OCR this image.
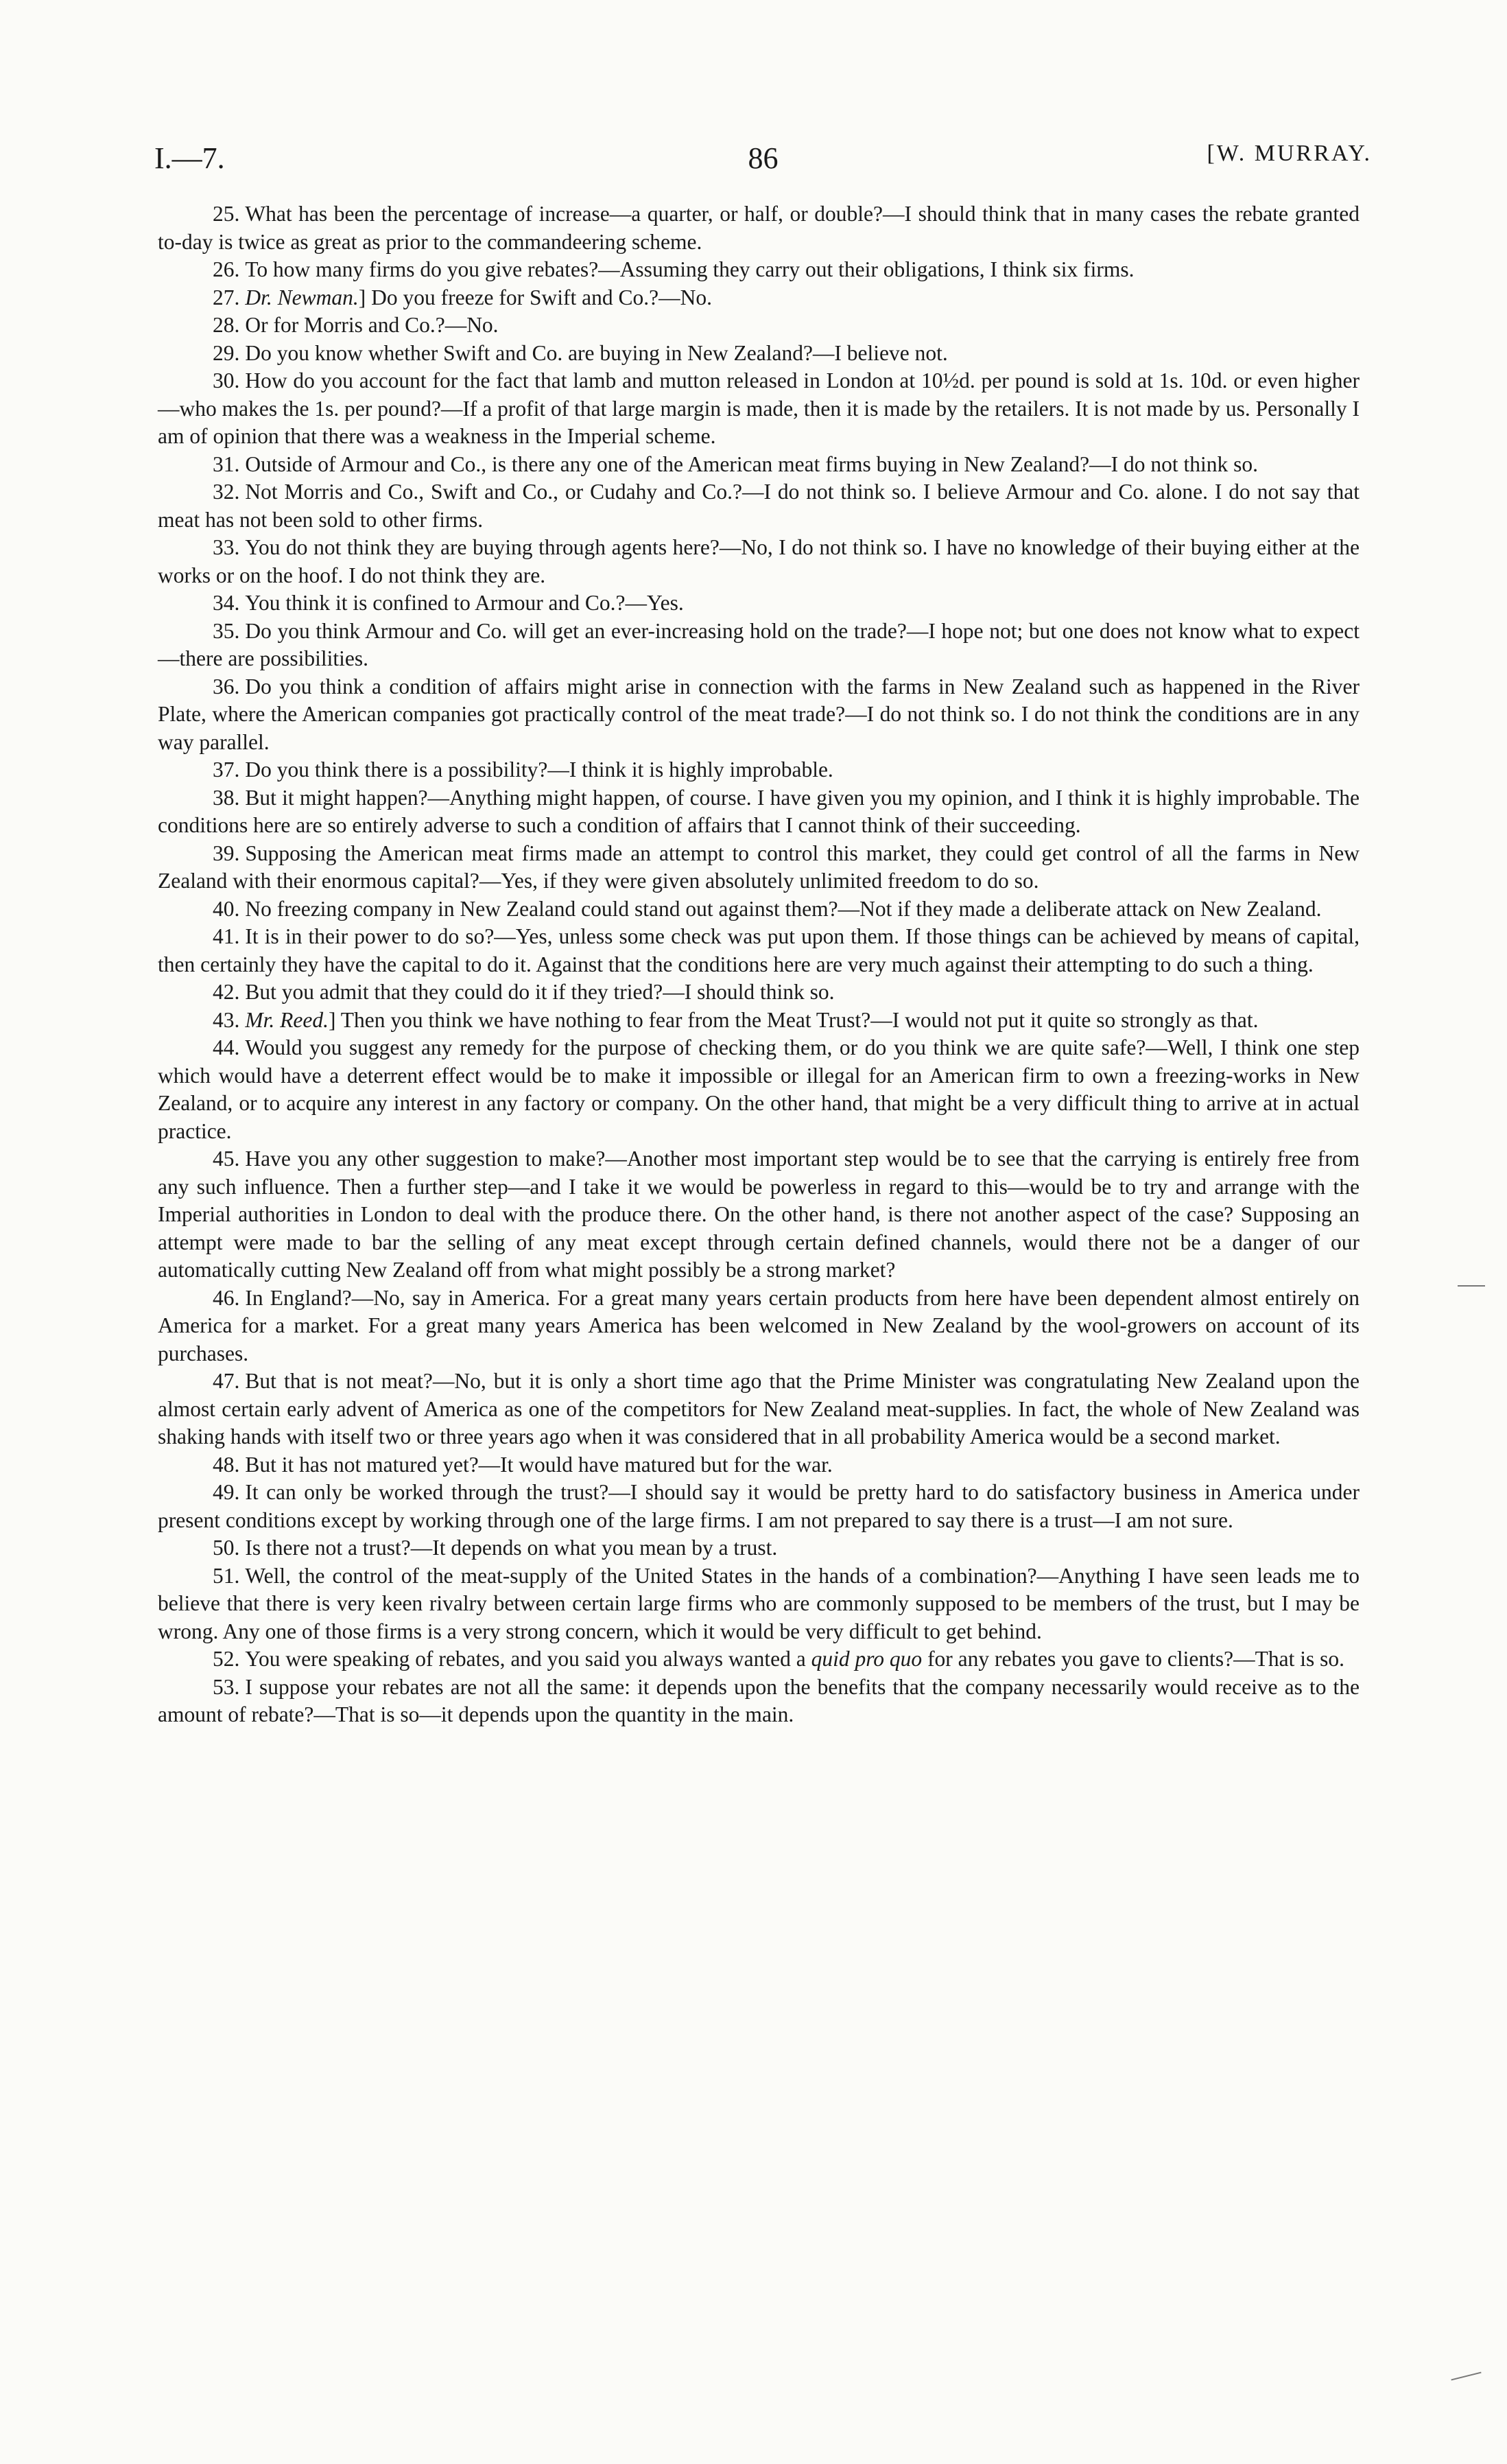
I.—7.	86	[W. MURRAY.

25. What has been the percentage of increase—a quarter, or half, or double?—I should think that in many cases the rebate granted to-day is twice as great as prior to the commandeering scheme.

26. To how many firms do you give rebates?—Assuming they carry out their obligations, I think six firms.

27. Dr. Newman.] Do you freeze for Swift and Co.?—No.

28. Or for Morris and Co.?—No.

29. Do you know whether Swift and Co. are buying in New Zealand?—I believe not.

30. How do you account for the fact that lamb and mutton released in London at 10½d. per pound is sold at 1s. 10d. or even higher—who makes the 1s. per pound?—If a profit of that large margin is made, then it is made by the retailers. It is not made by us. Personally I am of opinion that there was a weakness in the Imperial scheme.

31. Outside of Armour and Co., is there any one of the American meat firms buying in New Zealand?—I do not think so.

32. Not Morris and Co., Swift and Co., or Cudahy and Co.?—I do not think so. I believe Armour and Co. alone. I do not say that meat has not been sold to other firms.

33. You do not think they are buying through agents here?—No, I do not think so. I have no knowledge of their buying either at the works or on the hoof. I do not think they are.

34. You think it is confined to Armour and Co.?—Yes.

35. Do you think Armour and Co. will get an ever-increasing hold on the trade?—I hope not; but one does not know what to expect—there are possibilities.

36. Do you think a condition of affairs might arise in connection with the farms in New Zealand such as happened in the River Plate, where the American companies got practically control of the meat trade?—I do not think so. I do not think the conditions are in any way parallel.

37. Do you think there is a possibility?—I think it is highly improbable.

38. But it might happen?—Anything might happen, of course. I have given you my opinion, and I think it is highly improbable. The conditions here are so entirely adverse to such a condition of affairs that I cannot think of their succeeding.

39. Supposing the American meat firms made an attempt to control this market, they could get control of all the farms in New Zealand with their enormous capital?—Yes, if they were given absolutely unlimited freedom to do so.

40. No freezing company in New Zealand could stand out against them?—Not if they made a deliberate attack on New Zealand.

41. It is in their power to do so?—Yes, unless some check was put upon them. If those things can be achieved by means of capital, then certainly they have the capital to do it. Against that the conditions here are very much against their attempting to do such a thing.

42. But you admit that they could do it if they tried?—I should think so.

43. Mr. Reed.] Then you think we have nothing to fear from the Meat Trust?—I would not put it quite so strongly as that.

44. Would you suggest any remedy for the purpose of checking them, or do you think we are quite safe?—Well, I think one step which would have a deterrent effect would be to make it impossible or illegal for an American firm to own a freezing-works in New Zealand, or to acquire any interest in any factory or company. On the other hand, that might be a very difficult thing to arrive at in actual practice.

45. Have you any other suggestion to make?—Another most important step would be to see that the carrying is entirely free from any such influence. Then a further step—and I take it we would be powerless in regard to this—would be to try and arrange with the Imperial authorities in London to deal with the produce there. On the other hand, is there not another aspect of the case? Supposing an attempt were made to bar the selling of any meat except through certain defined channels, would there not be a danger of our automatically cutting New Zealand off from what might possibly be a strong market?

46. In England?—No, say in America. For a great many years certain products from here have been dependent almost entirely on America for a market. For a great many years America has been welcomed in New Zealand by the wool-growers on account of its purchases.

47. But that is not meat?—No, but it is only a short time ago that the Prime Minister was congratulating New Zealand upon the almost certain early advent of America as one of the competitors for New Zealand meat-supplies. In fact, the whole of New Zealand was shaking hands with itself two or three years ago when it was considered that in all probability America would be a second market.

48. But it has not matured yet?—It would have matured but for the war.

49. It can only be worked through the trust?—I should say it would be pretty hard to do satisfactory business in America under present conditions except by working through one of the large firms. I am not prepared to say there is a trust—I am not sure.

50. Is there not a trust?—It depends on what you mean by a trust.

51. Well, the control of the meat-supply of the United States in the hands of a combination?—Anything I have seen leads me to believe that there is very keen rivalry between certain large firms who are commonly supposed to be members of the trust, but I may be wrong. Any one of those firms is a very strong concern, which it would be very difficult to get behind.

52. You were speaking of rebates, and you said you always wanted a quid pro quo for any rebates you gave to clients?—That is so.

53. I suppose your rebates are not all the same: it depends upon the benefits that the company necessarily would receive as to the amount of rebate?—That is so—it depends upon the quantity in the main.
